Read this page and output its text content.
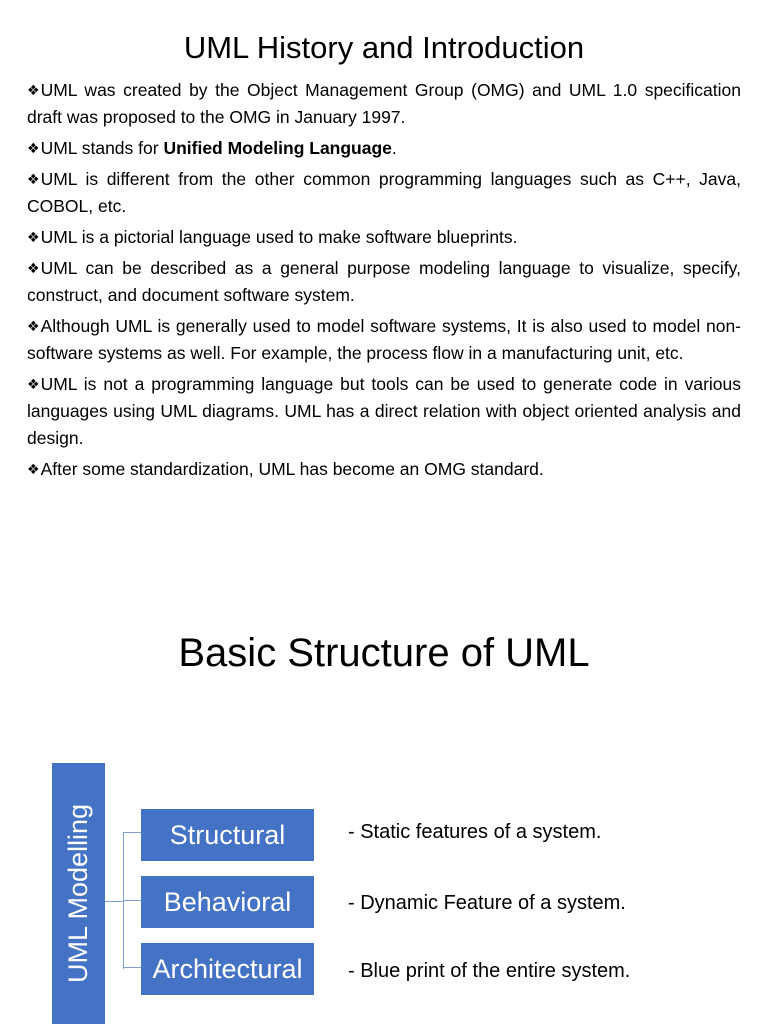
UML History and Introduction
❖UML was created by the Object Management Group (OMG) and UML 1.0 specification draft was proposed to the OMG in January 1997.
❖UML stands for Unified Modeling Language.
❖UML is different from the other common programming languages such as C++, Java, COBOL, etc.
❖UML is a pictorial language used to make software blueprints.
❖UML can be described as a general purpose modeling language to visualize, specify, construct, and document software system.
❖Although UML is generally used to model software systems, It is also used to model non-software systems as well. For example, the process flow in a manufacturing unit, etc.
❖UML is not a programming language but tools can be used to generate code in various languages using UML diagrams. UML has a direct relation with object oriented analysis and design.
❖After some standardization, UML has become an OMG standard.
Basic Structure of UML
UML Modelling	Structural
Behavioral
Architectural
- Static features of a system.
- Dynamic Feature of a system.
- Blue print of the entire system.
